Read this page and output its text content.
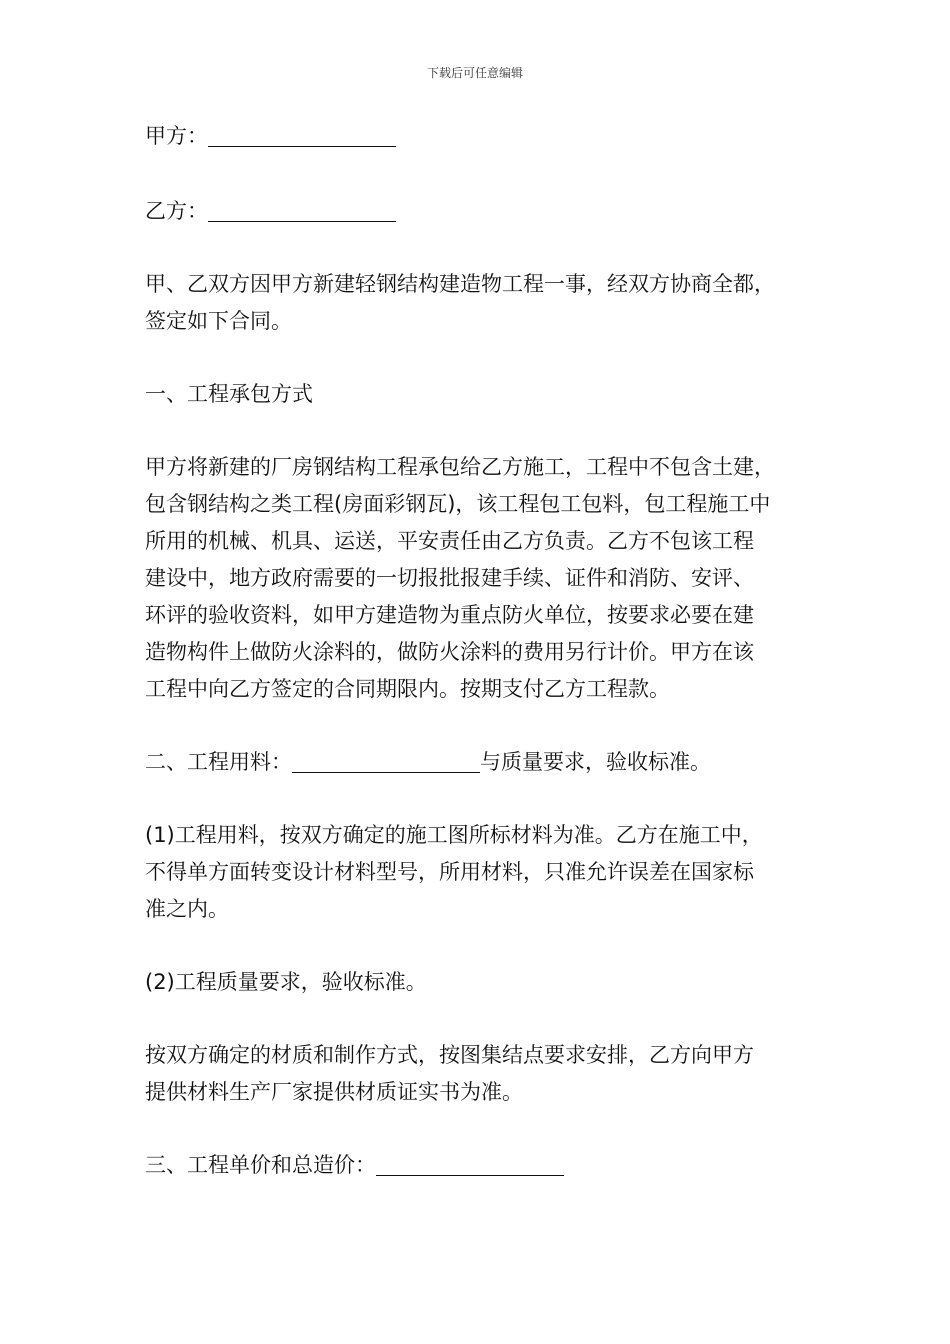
下载后可任意编辑

甲方：

乙方：

甲、乙双方因甲方新建轻钢结构建造物工程一事，经双方协商全都，
签定如下合同。

一、工程承包方式

甲方将新建的厂房钢结构工程承包给乙方施工，工程中不包含土建，
包含钢结构之类工程(房面彩钢瓦)，该工程包工包料，包工程施工中
所用的机械、机具、运送，平安责任由乙方负责。乙方不包该工程
建设中，地方政府需要的一切报批报建手续、证件和消防、安评、
环评的验收资料，如甲方建造物为重点防火单位，按要求必要在建
造物构件上做防火涂料的，做防火涂料的费用另行计价。甲方在该
工程中向乙方签定的合同期限内。按期支付乙方工程款。

二、工程用料：	与质量要求，验收标准。

(1)工程用料，按双方确定的施工图所标材料为准。乙方在施工中，
不得单方面转变设计材料型号，所用材料，只准允许误差在国家标
准之内。

(2)工程质量要求，验收标准。

按双方确定的材质和制作方式，按图集结点要求安排，乙方向甲方
提供材料生产厂家提供材质证实书为准。

三、工程单价和总造价：
